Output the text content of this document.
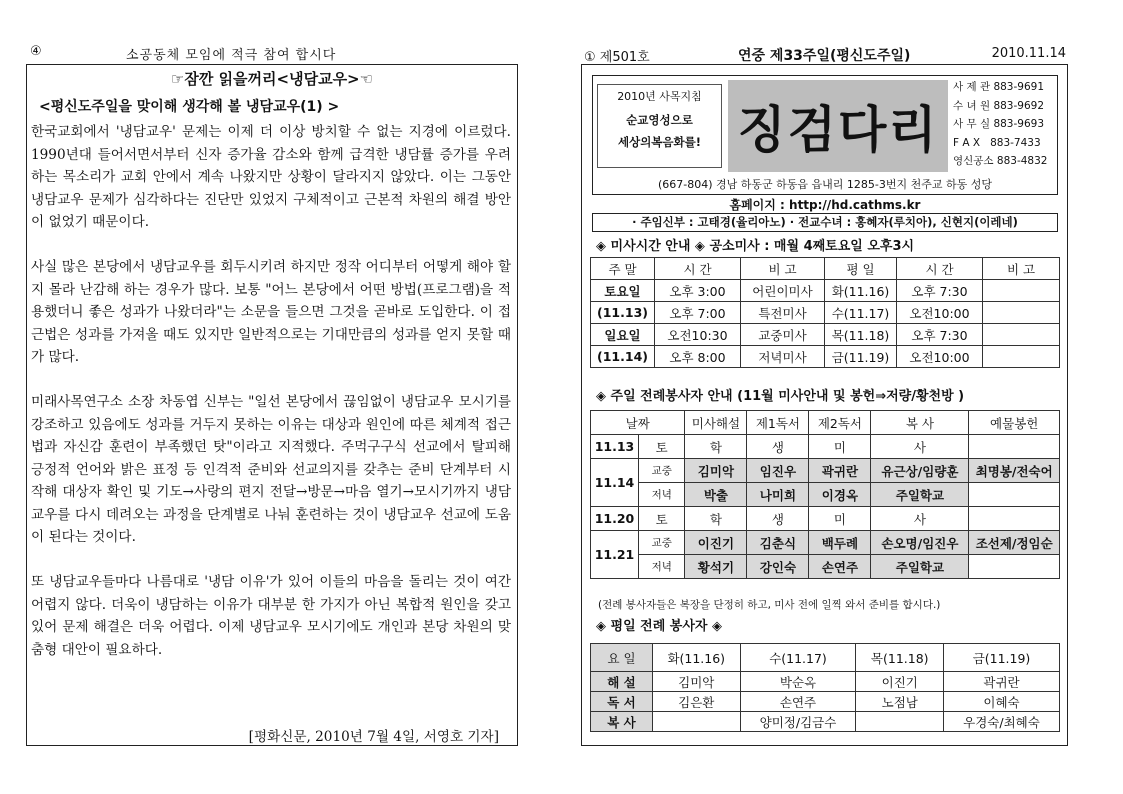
④	소공동체 모임에 적극 참여 합시다
☞잠깐 읽을꺼리<냉담교우>☜
<평신도주일을 맞이해 생각해 볼 냉담교우(1) >

한국교회에서 '냉담교우' 문제는 이제 더 이상 방치할 수 없는 지경에 이르렀다. 1990년대 들어서면서부터 신자 증가율 감소와 함께 급격한 냉담률 증가를 우려하는 목소리가 교회 안에서 계속 나왔지만 상황이 달라지지 않았다. 이는 그동안 냉담교우 문제가 심각하다는 진단만 있었지 구체적이고 근본적 차원의 해결 방안이 없었기 때문이다.

사실 많은 본당에서 냉담교우를 회두시키려 하지만 정작 어디부터 어떻게 해야 할지 몰라 난감해 하는 경우가 많다. 보통 "어느 본당에서 어떤 방법(프로그램)을 적용했더니 좋은 성과가 나왔더라"는 소문을 들으면 그것을 곧바로 도입한다. 이 접근법은 성과를 가져올 때도 있지만 일반적으로는 기대만큼의 성과를 얻지 못할 때가 많다.

미래사목연구소 소장 차동엽 신부는 "일선 본당에서 끊임없이 냉담교우 모시기를 강조하고 있음에도 성과를 거두지 못하는 이유는 대상과 원인에 따른 체계적 접근법과 자신감 훈련이 부족했던 탓"이라고 지적했다. 주먹구구식 선교에서 탈피해 긍정적 언어와 밝은 표정 등 인격적 준비와 선교의지를 갖추는 준비 단계부터 시작해 대상자 확인 및 기도→사랑의 편지 전달→방문→마음 열기→모시기까지 냉담교우를 다시 데려오는 과정을 단계별로 나눠 훈련하는 것이 냉담교우 선교에 도움이 된다는 것이다.

또 냉담교우들마다 나름대로 '냉담 이유'가 있어 이들의 마음을 돌리는 것이 여간 어렵지 않다. 더욱이 냉담하는 이유가 대부분 한 가지가 아닌 복합적 원인을 갖고 있어 문제 해결은 더욱 어렵다. 이제 냉담교우 모시기에도 개인과 본당 차원의 맞춤형 대안이 필요하다.

[평화신문, 2010년 7월 4일, 서영호 기자]
① 제501호	연중 제33주일(평신도주일)	2010.11.14
2010년 사목지침
순교영성으로
세상의복음화를! 징검다리
사 제 관 883-9691
수 녀 원 883-9692
사 무 실 883-9693
F A X   883-7433
영신공소 883-4832
(667-804) 경남 하동군 하동읍 읍내리 1285-3번지 천주교 하동 성당
홈페이지 : http://hd.cathms.kr
· 주임신부 : 고태경(율리아노) · 전교수녀 : 홍혜자(루치아), 신현지(이레네)
◈ 미사시간 안내 ◈ 공소미사 : 매월 4째토요일 오후3시
주 말	시 간	비 고	평 일	시 간	비 고
토요일	오후 3:00	어린이미사	화(11.16)	오후 7:30	
(11.13)	오후 7:00	특전미사	수(11.17)	오전10:00	
일요일	오전10:30	교중미사	목(11.18)	오후 7:30	
(11.14)	오후 8:00	저녁미사	금(11.19)	오전10:00	
◈ 주일 전례봉사자 안내 (11월 미사안내 및 봉헌⇒저량/황천방 )
날짜		미사해설	제1독서	제2독서	복 사	예물봉헌
11.13	토	학	생	미	사	
11.14	교중	김미악	임진우	곽귀란	유근상/임량훈	최명봉/전숙어
	저녁	박출	나미희	이경옥	주일학교	
11.20	토	학	생	미	사	
11.21	교중	이진기	김춘식	백두례	손오명/임진우	조선제/정임순
	저녁	황석기	강인숙	손연주	주일학교	
(전례 봉사자들은 복장을 단정히 하고, 미사 전에 일찍 와서 준비를 합시다.)
◈ 평일 전례 봉사자 ◈
요 일	화(11.16)	수(11.17)	목(11.18)	금(11.19)
해 설	김미악	박순옥	이진기	곽귀란
독 서	김은환	손연주	노점남	이혜숙
복 사		양미정/김금수		우경숙/최혜숙
